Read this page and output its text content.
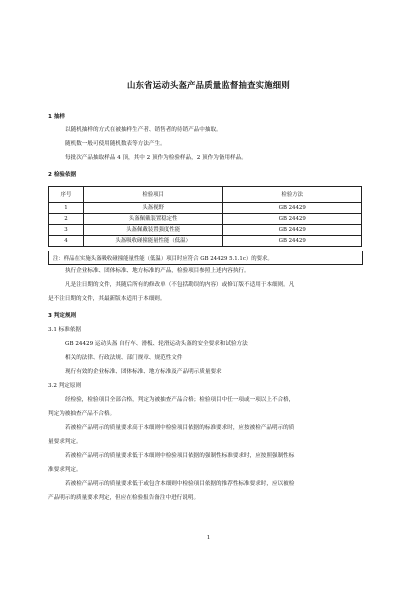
山东省运动头盔产品质量监督抽查实施细则
1 抽样
以随机抽样的方式在被抽样生产者、销售者的待销产品中抽取。
随机数一般可使用随机数表等方法产生。
每批次产品抽取样品 4 顶，其中 2 顶作为检验样品，2 顶作为备用样品。
2 检验依据
序号	检验项目	检验方法
1	头盔视野	GB 24429
2	头盔佩戴装置稳定性	GB 24429
3	头盔佩戴装置强度性能	GB 24429
4	头盔吸收碰撞能量性能（低温）	GB 24429
注：样品在实施头盔吸收碰撞能量性能（低温）项目时应符合 GB 24429 5.1.1c）的要求。
执行企业标准、团体标准、地方标准的产品，检验项目参照上述内容执行。
凡是注日期的文件，其随后所有的修改单（不包括勘误的内容）或修订版不适用于本细则。凡
是不注日期的文件，其最新版本适用于本细则。
3 判定规则
3.1 标准依据
GB 24429 运动头盔 自行车、滑板、轮滑运动头盔的安全要求和试验方法
相关的法律、行政法规、部门规章、规范性文件
现行有效的企业标准、团体标准、地方标准及产品明示质量要求
3.2 判定原则
经检验，检验项目全部合格，判定为被抽查产品合格；检验项目中任一项或一项以上不合格，
判定为被抽查产品不合格。
若被检产品明示的质量要求高于本细则中检验项目依据的标准要求时，应按被检产品明示的质
量要求判定。
若被检产品明示的质量要求低于本细则中检验项目依据的强制性标准要求时，应按照强制性标
准要求判定。
若被检产品明示的质量要求低于或包含本细则中检验项目依据的推荐性标准要求时，应以被检
产品明示的质量要求判定，但应在检验报告备注中进行说明。
1
